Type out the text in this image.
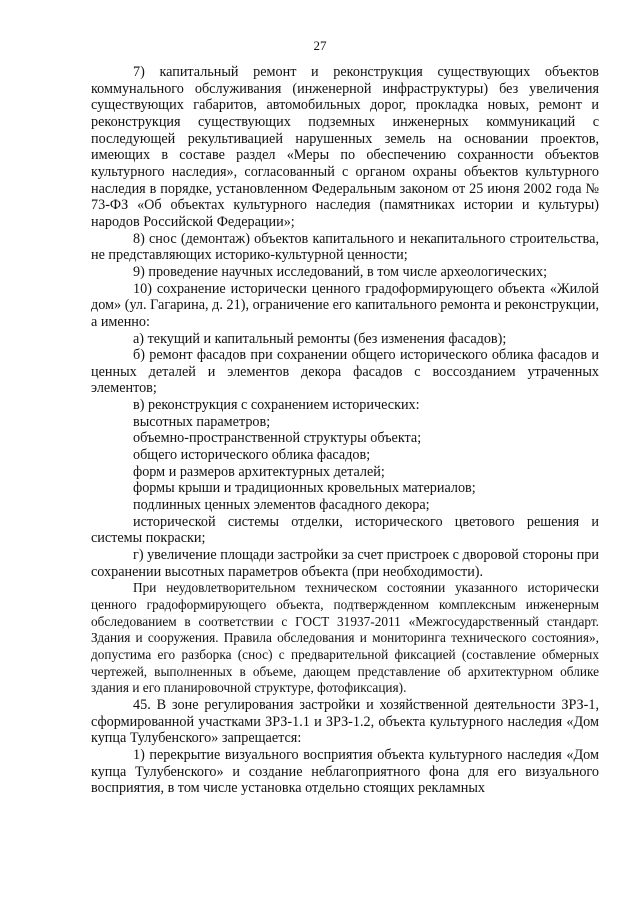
27

7) капитальный ремонт и реконструкция существующих объектов коммунального обслуживания (инженерной инфраструктуры) без увеличения существующих габаритов, автомобильных дорог, прокладка новых, ремонт и реконструкция существующих подземных инженерных коммуникаций с последующей рекультивацией нарушенных земель на основании проектов, имеющих в составе раздел «Меры по обеспечению сохранности объектов культурного наследия», согласованный с органом охраны объектов культурного наследия в порядке, установленном Федеральным законом от 25 июня 2002 года № 73-ФЗ «Об объектах культурного наследия (памятниках истории и культуры) народов Российской Федерации»;

8) снос (демонтаж) объектов капитального и некапитального строительства, не представляющих историко-культурной ценности;

9) проведение научных исследований, в том числе археологических;

10) сохранение исторически ценного градоформирующего объекта «Жилой дом» (ул. Гагарина, д. 21), ограничение его капитального ремонта и реконструкции, а именно:

а) текущий и капитальный ремонты (без изменения фасадов);

б) ремонт фасадов при сохранении общего исторического облика фасадов и ценных деталей и элементов декора фасадов с воссозданием утраченных элементов;

в) реконструкция с сохранением исторических:

высотных параметров;

объемно-пространственной структуры объекта;

общего исторического облика фасадов;

форм и размеров архитектурных деталей;

формы крыши и традиционных кровельных материалов;

подлинных ценных элементов фасадного декора;

исторической системы отделки, исторического цветового решения и системы покраски;

г) увеличение площади застройки за счет пристроек с дворовой стороны при сохранении высотных параметров объекта (при необходимости).

При неудовлетворительном техническом состоянии указанного исторически ценного градоформирующего объекта, подтвержденном комплексным инженерным обследованием в соответствии с ГОСТ 31937-2011 «Межгосударственный стандарт. Здания и сооружения. Правила обследования и мониторинга технического состояния», допустима его разборка (снос) с предварительной фиксацией (составление обмерных чертежей, выполненных в объеме, дающем представление об архитектурном облике здания и его планировочной структуре, фотофиксация).

45. В зоне регулирования застройки и хозяйственной деятельности ЗРЗ-1, сформированной участками ЗРЗ-1.1 и ЗРЗ-1.2, объекта культурного наследия «Дом купца Тулубенского» запрещается:

1) перекрытие визуального восприятия объекта культурного наследия «Дом купца Тулубенского» и создание неблагоприятного фона для его визуального восприятия, в том числе установка отдельно стоящих рекламных
